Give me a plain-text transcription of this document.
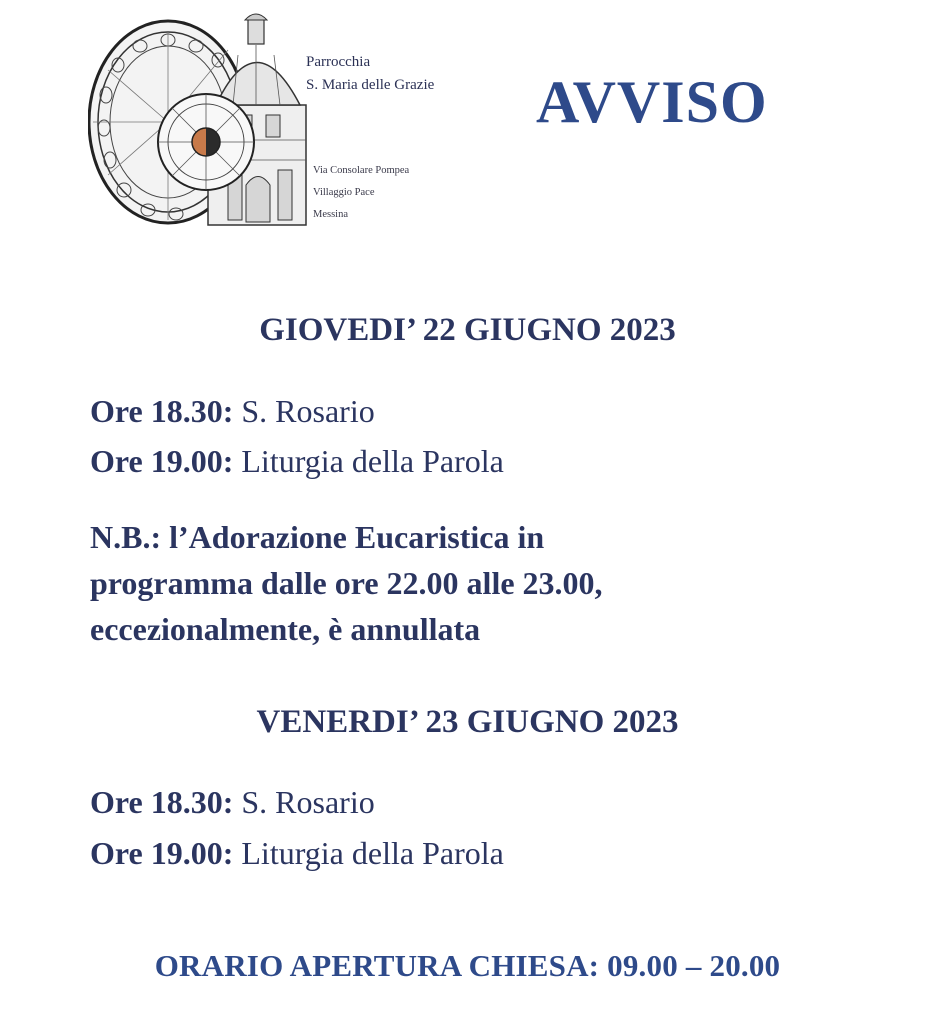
Parrocchia
S. Maria delle Grazie
Via Consolare Pompea
Villaggio Pace
Messina
AVVISO
GIOVEDI’ 22 GIUGNO 2023
Ore 18.30: S. Rosario
Ore 19.00: Liturgia della Parola
N.B.: l’Adorazione Eucaristica in
programma dalle ore 22.00 alle 23.00,
eccezionalmente, è annullata
VENERDI’ 23 GIUGNO 2023
Ore 18.30: S. Rosario
Ore 19.00: Liturgia della Parola
ORARIO APERTURA CHIESA: 09.00 – 20.00
